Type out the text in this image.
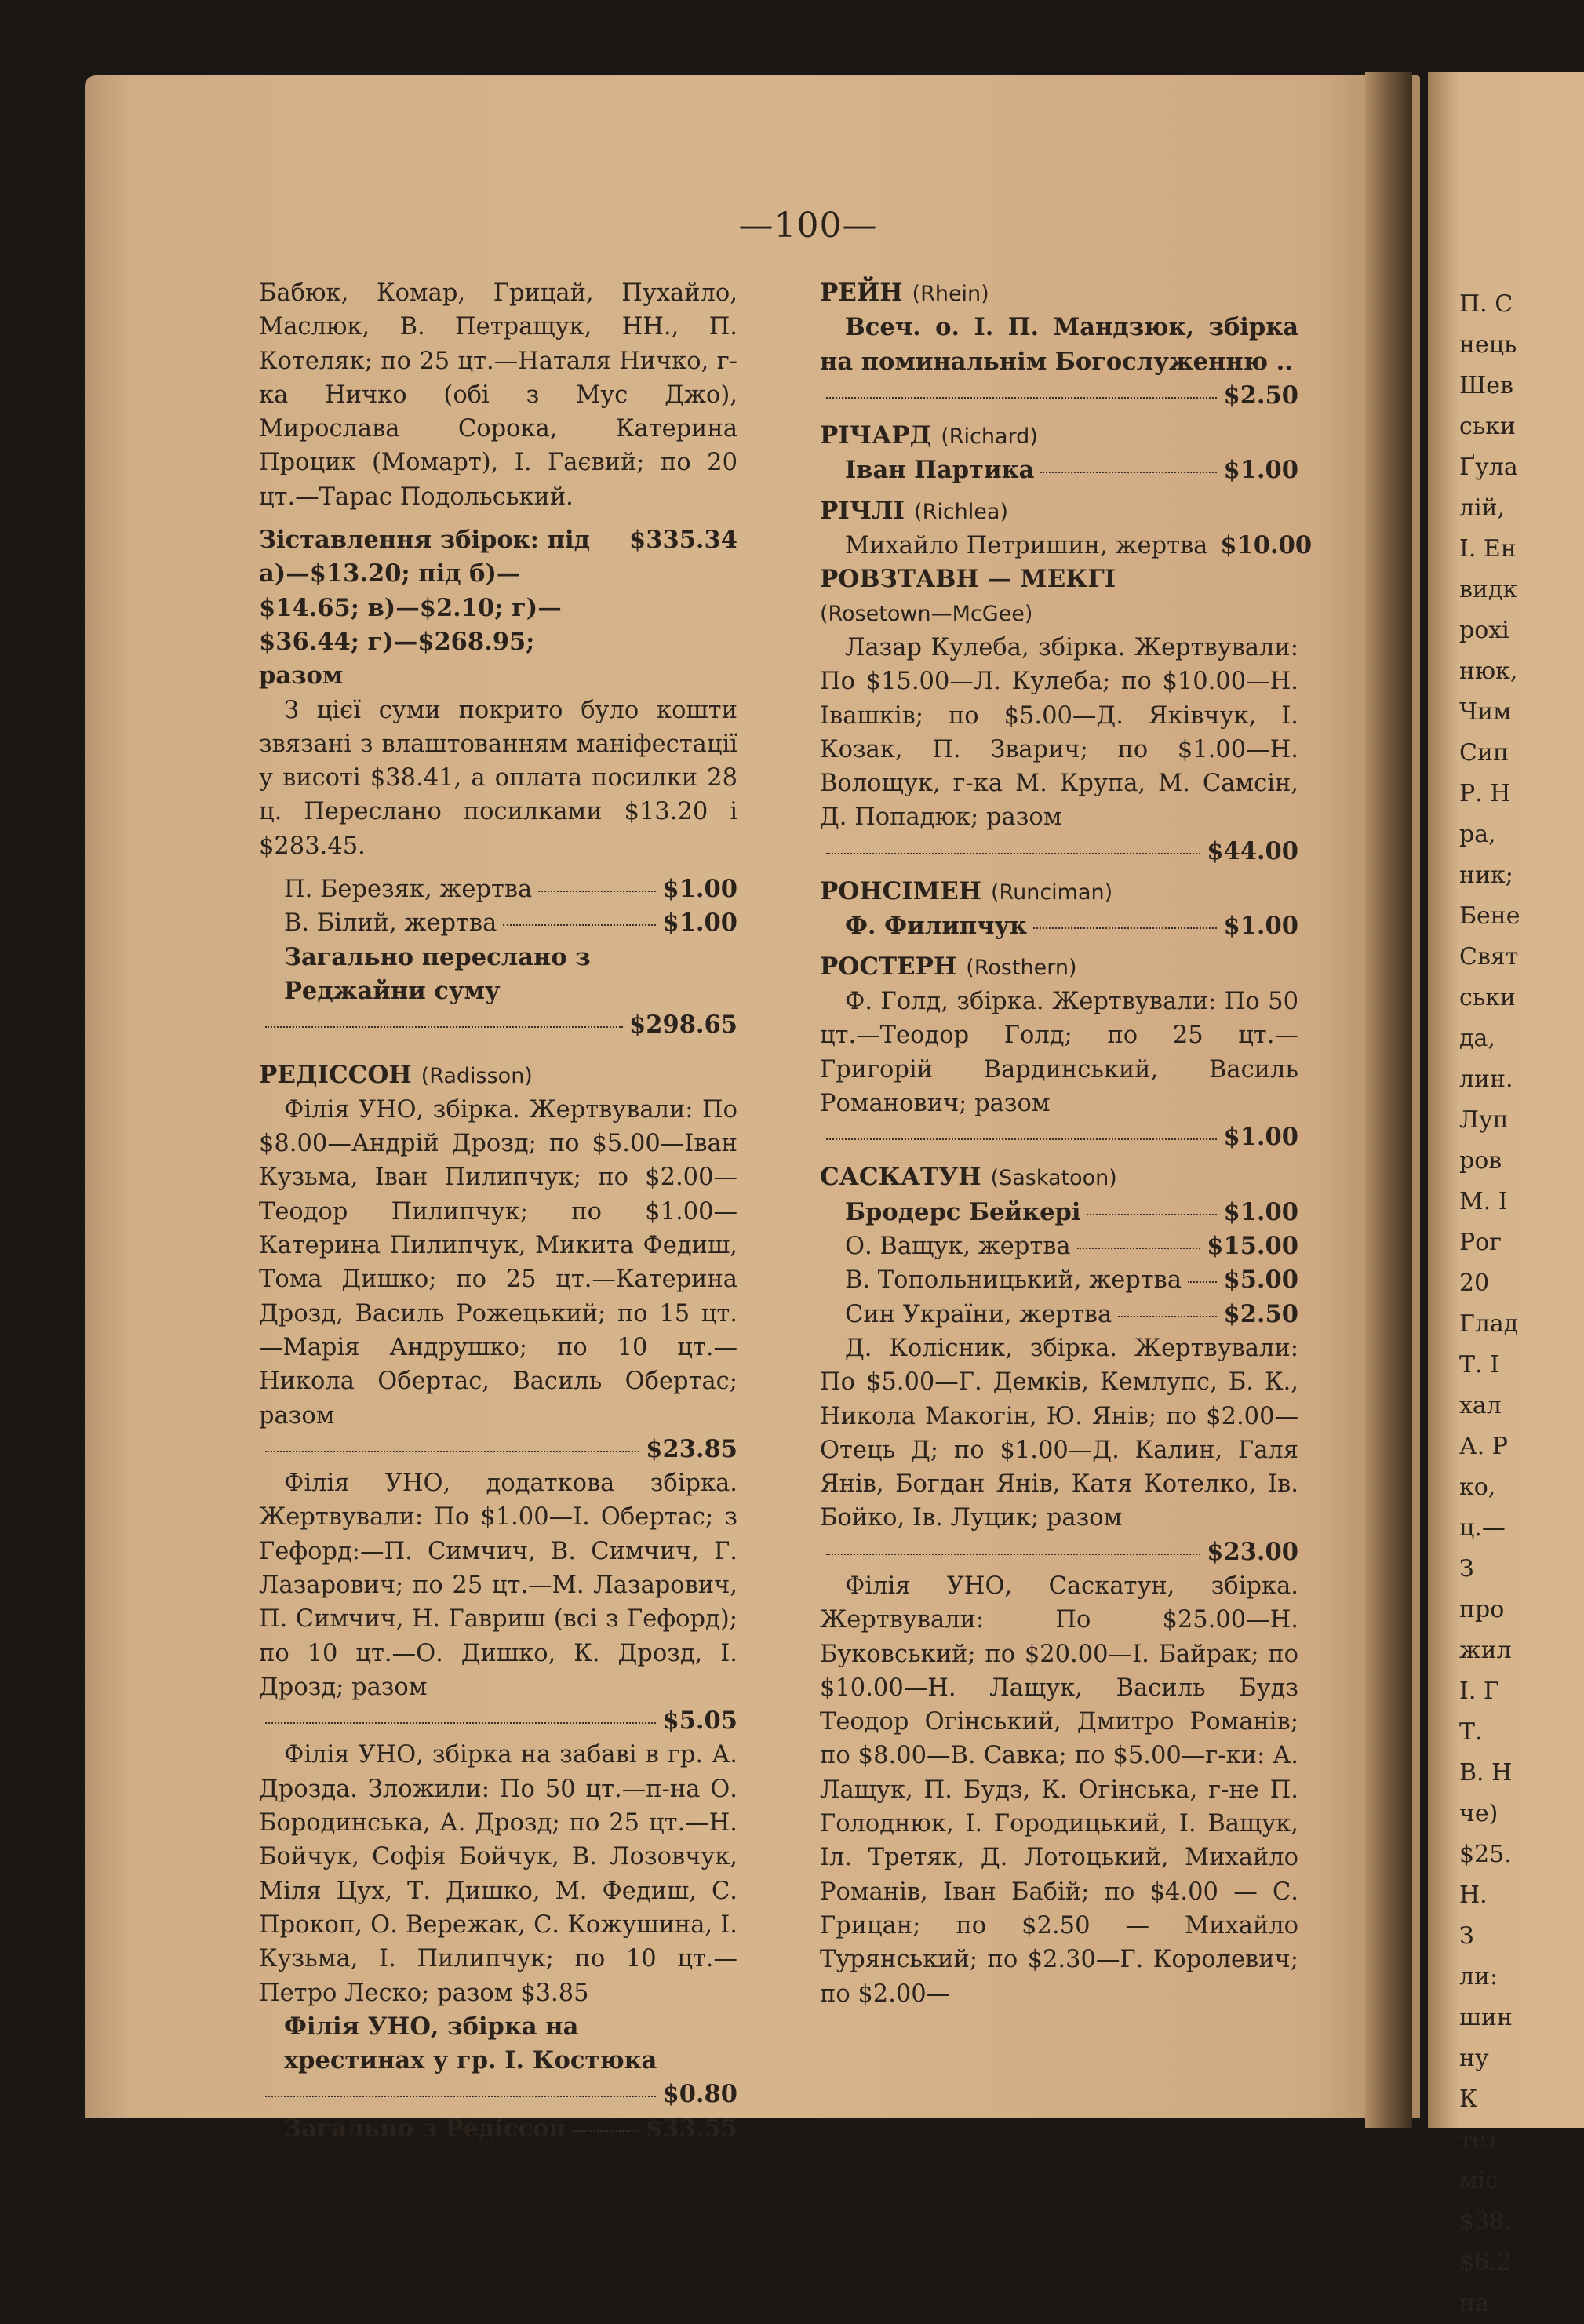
П. С
нець
Шев
ськи
Ґула
лій,
І. Ен
видк
рохі
нюк,
Чим
Сип
Р. Н
ра,
ник;
Бене
Свят
ськи
да,
лин.
Луп
ров
М. І
Рог
20
Глад
Т. І
хал
А. Р
ко,
ц.—
З
про
жил
І. Г
Т.
В. Н
че)
$25.
Н.
З
ли:
шин
ну
К
тет
міс
$38.
$6.2
на
—100—

Бабюк, Комар, Грицай, Пухайло, Маслюк, В. Петращук, НН., П. Котеляк; по 25 цт.—Наталя Ничко, г-ка Ничко (обі з Мус Джо), Мирослава Сорока, Катерина Процик (Момарт), І. Гаєвий; по 20 цт.—Тарас Подольський.

Зіставлення збірок: під а)—$13.20; під б)—$14.65; в)—$2.10; г)—$36.44; г)—$268.95; разом
$335.34

З цієї суми покрито було кошти звязані з влаштованням маніфестації у висоті $38.41, а оплата посилки 28 ц. Переслано посилками $13.20 і $283.45.

П. Березяк, жертва	$1.00
В. Білий, жертва	$1.00
Загально переслано з Реджайни суму
$298.65
РЕДІССОН (Radisson)

Філія УНО, збірка. Жертвували: По $8.00—Андрій Дрозд; по $5.00—Іван Кузьма, Іван Пилипчук; по $2.00—Теодор Пилипчук; по $1.00—Катерина Пилипчук, Микита Федиш, Тома Дишко; по 25 цт.—Катерина Дрозд, Василь Рожецький; по 15 цт.—Марія Андрушко; по 10 цт.—Никола Обертас, Василь Обертас; разом

$23.85

Філія УНО, додаткова збірка. Жертвували: По $1.00—І. Обертас; з Гефорд:—П. Симчич, В. Симчич, Г. Лазарович; по 25 цт.—М. Лазарович, П. Симчич, Н. Гавриш (всі з Гефорд); по 10 цт.—О. Дишко, К. Дрозд, І. Дрозд; разом

$5.05

Філія УНО, збірка на забаві в гр. А. Дрозда. Зложили: По 50 цт.—п-на О. Бородинська, А. Дрозд; по 25 цт.—Н. Бойчук, Софія Бойчук, В. Лозовчук, Міля Цух, Т. Дишко, М. Федиш, С. Прокоп, О. Вережак, С. Кожушина, І. Кузьма, І. Пилипчук; по 10 цт.—Петро Леско; разом $3.85

Філія УНО, збірка на хрестинах у гр. І. Костюка
$0.80
Загально з Редіссон	$33.55
РЕЙН (Rhein)

Всеч. о. І. П. Мандзюк, збірка на поминальнім Богослуженню ..

$2.50
РІЧАРД (Richard)
Іван Партика	$1.00
РІЧЛІ (Richlea)
Михайло Петришин, жертва $10.00
РОВЗТАВН — МЕКГІ
(Rosetown—McGee)

Лазар Кулеба, збірка. Жертвували: По $15.00—Л. Кулеба; по $10.00—Н. Івашків; по $5.00—Д. Яківчук, І. Козак, П. Зварич; по $1.00—Н. Волощук, г-ка М. Крупа, М. Самсін, Д. Попадюк; разом

$44.00
РОНСІМЕН (Runciman)
Ф. Филипчук	$1.00
РОСТЕРН (Rosthern)

Ф. Голд, збірка. Жертвували: По 50 цт.—Теодор Голд; по 25 цт.—Григорій Вардинський, Василь Романович; разом

$1.00
САСКАТУН (Saskatoon)
Бродерс Бейкері	$1.00
О. Ващук, жертва	$15.00
В. Топольницький, жертва $5.00
Син України, жертва	$2.50

Д. Колісник, збірка. Жертвували: По $5.00—Г. Демків, Кемлупс, Б. К., Никола Макогін, Ю. Янів; по $2.00—Отець Д; по $1.00—Д. Калин, Галя Янів, Богдан Янів, Катя Котелко, Ів. Бойко, Ів. Луцик; разом

$23.00

Філія УНО, Саскатун, збірка. Жертвували: По $25.00—Н. Буковський; по $20.00—І. Байрак; по $10.00—Н. Лащук, Василь Будз Теодор Огінський, Дмитро Романів; по $8.00—В. Савка; по $5.00—г-ки: А. Лащук, П. Будз, К. Огінська, г-не П. Голоднюк, І. Городицький, І. Ващук, Іл. Третяк, Д. Лотоцький, Михайло Романів, Іван Бабій; по $4.00 — С. Грицан; по $2.50 — Михайло Турянський; по $2.30—Г. Королевич; по $2.00—
